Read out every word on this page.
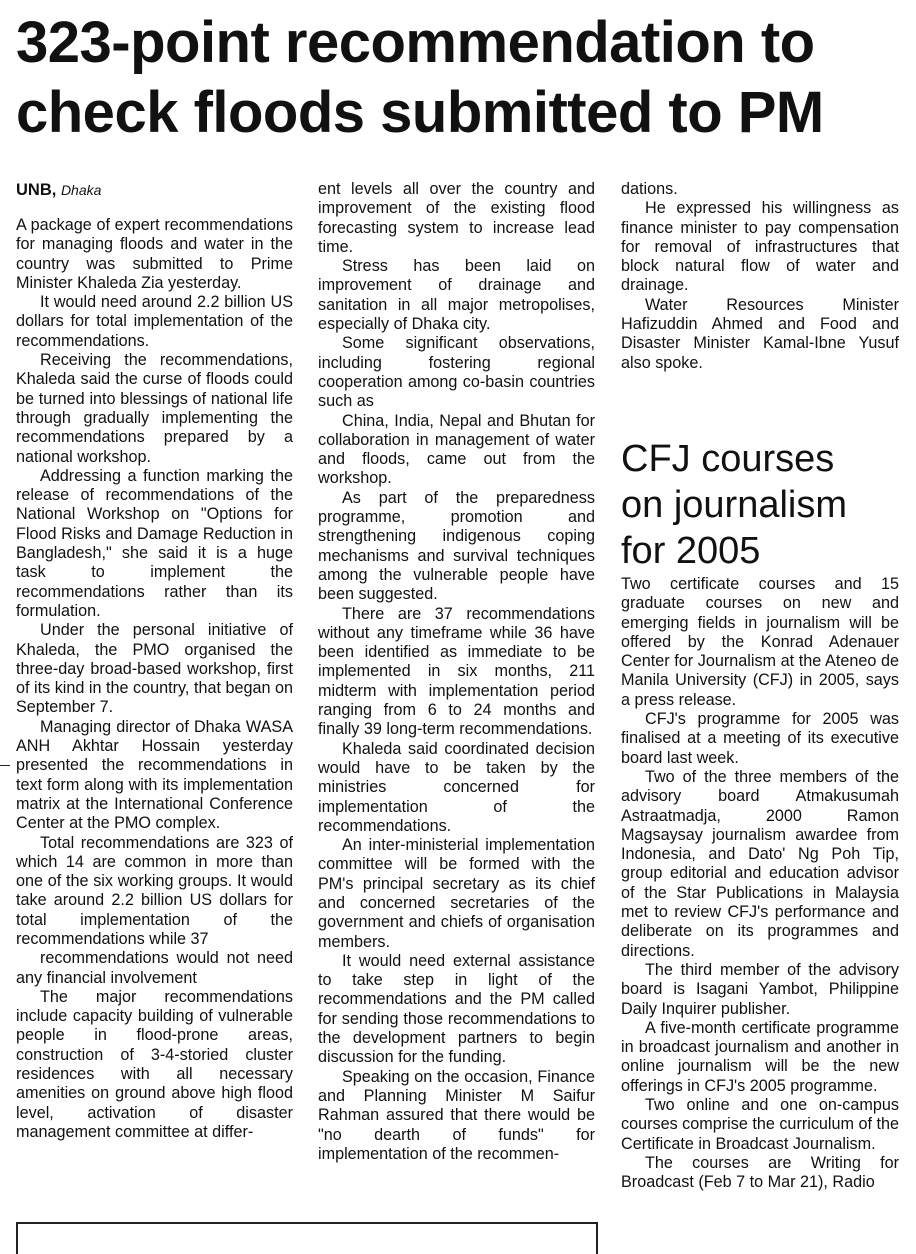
323-point recommendation to
check floods submitted to PM
UNB, Dhaka

A package of expert recommendations for managing floods and water in the country was submitted to Prime Minister Khaleda Zia yesterday.

It would need around 2.2 billion US dollars for total implementation of the recommendations.

Receiving the recommendations, Khaleda said the curse of floods could be turned into blessings of national life through gradually implementing the recommendations prepared by a national workshop.

Addressing a function marking the release of recommendations of the National Workshop on "Options for Flood Risks and Damage Reduction in Bangladesh," she said it is a huge task to implement the recommendations rather than its formulation.

Under the personal initiative of Khaleda, the PMO organised the three-day broad-based workshop, first of its kind in the country, that began on September 7.

Managing director of Dhaka WASA ANH Akhtar Hossain yesterday presented the recommendations in text form along with its implementation matrix at the International Conference Center at the PMO complex.

Total recommendations are 323 of which 14 are common in more than one of the six working groups. It would take around 2.2 billion US dollars for total implementation of the recommendations while 37

recommendations would not need any financial involvement

The major recommendations include capacity building of vulnerable people in flood-prone areas, construction of 3-4-storied cluster residences with all necessary amenities on ground above high flood level, activation of disaster management committee at differ-

ent levels all over the country and improvement of the existing flood forecasting system to increase lead time.

Stress has been laid on improvement of drainage and sanitation in all major metropolises, especially of Dhaka city.

Some significant observations, including fostering regional cooperation among co-basin countries such as

China, India, Nepal and Bhutan for collaboration in management of water and floods, came out from the workshop.

As part of the preparedness programme, promotion and strengthening indigenous coping mechanisms and survival techniques among the vulnerable people have been suggested.

There are 37 recommendations without any timeframe while 36 have been identified as immediate to be implemented in six months, 211 midterm with implementation period ranging from 6 to 24 months and finally 39 long-term recommendations.

Khaleda said coordinated decision would have to be taken by the ministries concerned for implementation of the recommendations.

An inter-ministerial implementation committee will be formed with the PM's principal secretary as its chief and concerned secretaries of the government and chiefs of organisation members.

It would need external assistance to take step in light of the recommendations and the PM called for sending those recommendations to the development partners to begin discussion for the funding.

Speaking on the occasion, Finance and Planning Minister M Saifur Rahman assured that there would be "no dearth of funds" for implementation of the recommen-

dations.

He expressed his willingness as finance minister to pay compensation for removal of infrastructures that block natural flow of water and drainage.

Water Resources Minister Hafizuddin Ahmed and Food and Disaster Minister Kamal-Ibne Yusuf also spoke.

CFJ courses
on journalism
for 2005

Two certificate courses and 15 graduate courses on new and emerging fields in journalism will be offered by the Konrad Adenauer Center for Journalism at the Ateneo de Manila University (CFJ) in 2005, says a press release.

CFJ's programme for 2005 was finalised at a meeting of its executive board last week.

Two of the three members of the advisory board Atmakusumah Astraatmadja, 2000 Ramon Magsaysay journalism awardee from Indonesia, and Dato' Ng Poh Tip, group editorial and education advisor of the Star Publications in Malaysia met to review CFJ's performance and deliberate on its programmes and directions.

The third member of the advisory board is Isagani Yambot, Philippine Daily Inquirer publisher.

A five-month certificate programme in broadcast journalism and another in online journalism will be the new offerings in CFJ's 2005 programme.

Two online and one on-campus courses comprise the curriculum of the Certificate in Broadcast Journalism.

The courses are Writing for Broadcast (Feb 7 to Mar 21), Radio
